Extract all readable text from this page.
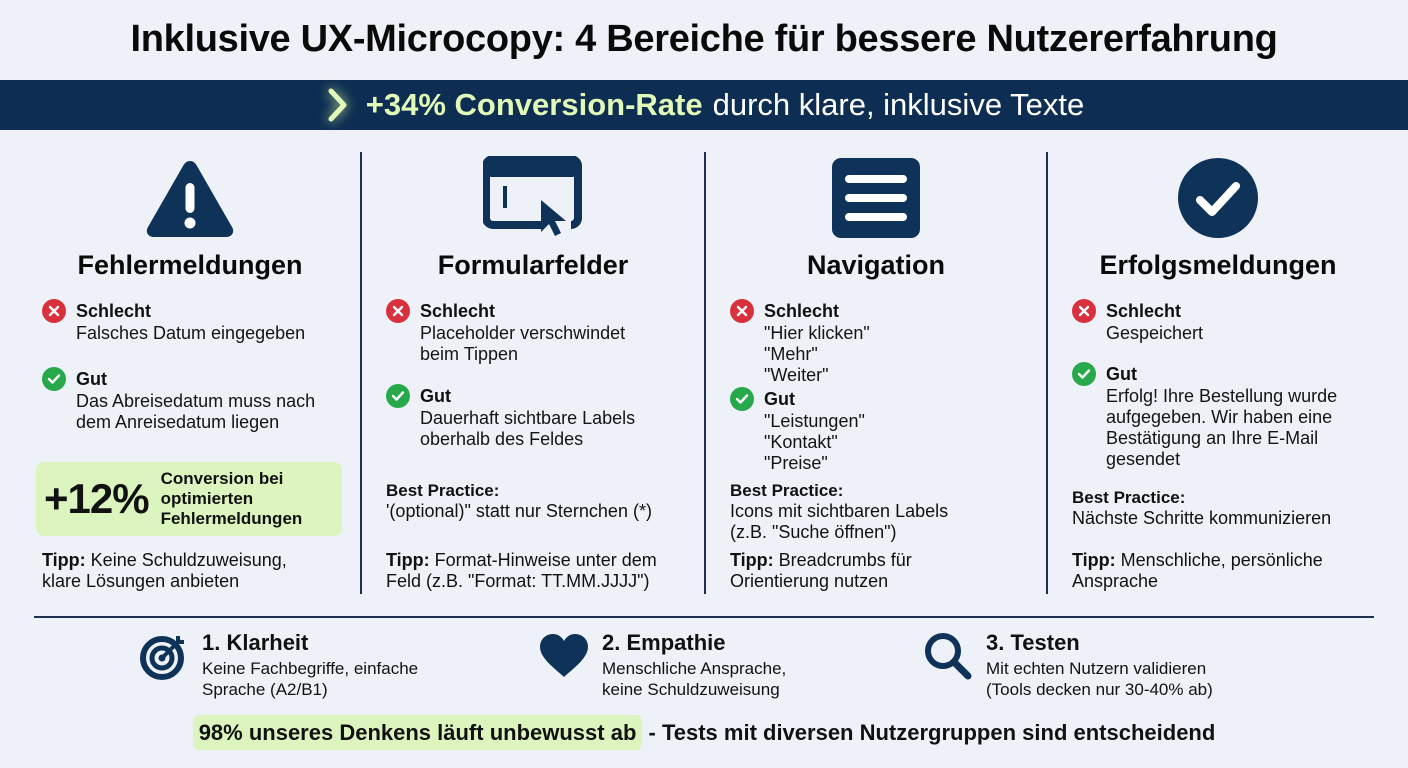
Inklusive UX-Microcopy: 4 Bereiche für bessere Nutzererfahrung
+34% Conversion-Rate durch klare, inklusive Texte
Fehlermeldungen
Schlecht
Falsches Datum eingegeben
Gut
Das Abreisedatum muss nach
dem Anreisedatum liegen
+12% Conversion bei
optimierten
Fehlermeldungen
Tipp: Keine Schuldzuweisung,
klare Lösungen anbieten
Formularfelder
Schlecht
Placeholder verschwindet
beim Tippen
Gut
Dauerhaft sichtbare Labels
oberhalb des Feldes
Best Practice:
'(optional)" statt nur Sternchen (*)
Tipp: Format-Hinweise unter dem
Feld (z.B. "Format: TT.MM.JJJJ")
Navigation
Schlecht
"Hier klicken"
"Mehr"
"Weiter"
Gut
"Leistungen"
"Kontakt"
"Preise"
Best Practice:
Icons mit sichtbaren Labels
(z.B. "Suche öffnen")
Tipp: Breadcrumbs für
Orientierung nutzen
Erfolgsmeldungen
Schlecht
Gespeichert
Gut
Erfolg! Ihre Bestellung wurde
aufgegeben. Wir haben eine
Bestätigung an Ihre E-Mail
gesendet
Best Practice:
Nächste Schritte kommunizieren
Tipp: Menschliche, persönliche
Ansprache
1. Klarheit
Keine Fachbegriffe, einfache
Sprache (A2/B1)
2. Empathie
Menschliche Ansprache,
keine Schuldzuweisung
3. Testen
Mit echten Nutzern validieren
(Tools decken nur 30-40% ab)
98% unseres Denkens läuft unbewusst ab - Tests mit diversen Nutzergruppen sind entscheidend
